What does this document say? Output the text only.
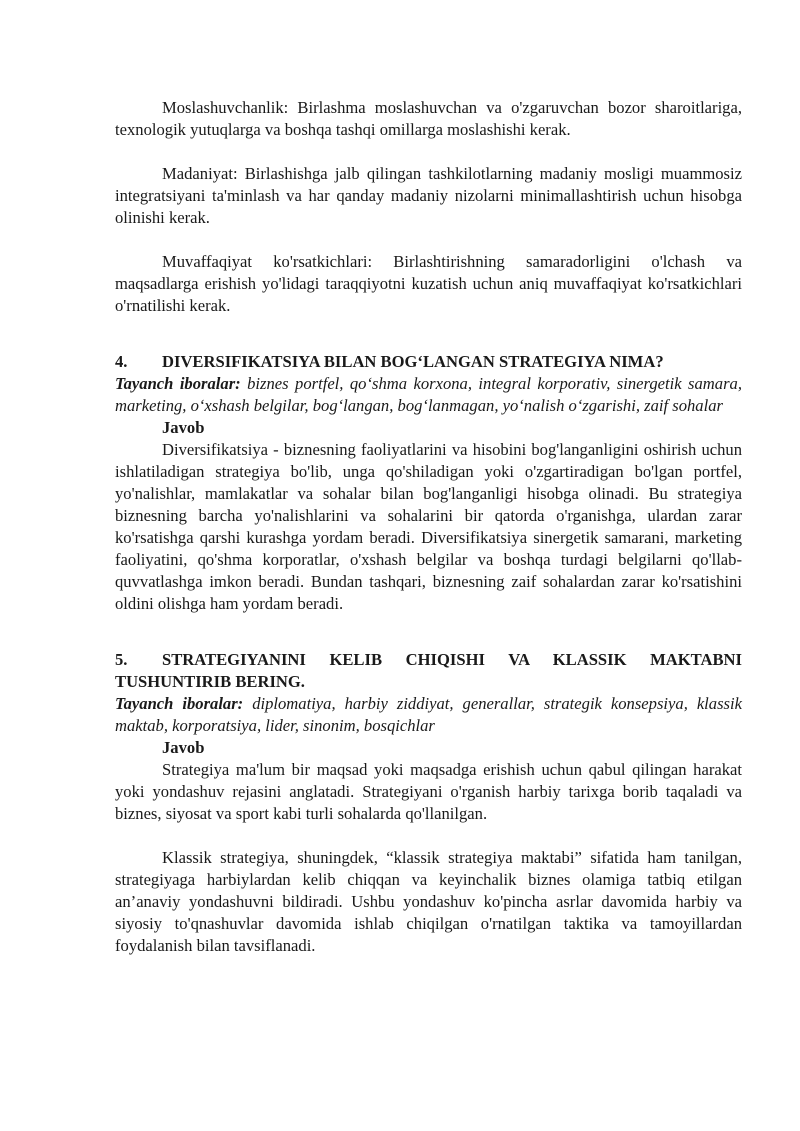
Moslashuvchanlik: Birlashma moslashuvchan va o'zgaruvchan bozor sharoitlariga, texnologik yutuqlarga va boshqa tashqi omillarga moslashishi kerak.

Madaniyat: Birlashishga jalb qilingan tashkilotlarning madaniy mosligi muammosiz integratsiyani ta'minlash va har qanday madaniy nizolarni minimallashtirish uchun hisobga olinishi kerak.

Muvaffaqiyat ko'rsatkichlari: Birlashtirishning samaradorligini o'lchash va maqsadlarga erishish yo'lidagi taraqqiyotni kuzatish uchun aniq muvaffaqiyat ko'rsatkichlari o'rnatilishi kerak.

4.	DIVERSIFIKATSIYA BILAN BOG‘LANGAN STRATEGIYA NIMA?

Tayanch iboralar: biznes portfel, qo‘shma korxona, integral korporativ, sinergetik samara, marketing, o‘xshash belgilar, bog‘langan, bog‘lanmagan, yo‘nalish o‘zgarishi, zaif sohalar

Javob

Diversifikatsiya - biznesning faoliyatlarini va hisobini bog'langanligini oshirish uchun ishlatiladigan strategiya bo'lib, unga qo'shiladigan yoki o'zgartiradigan bo'lgan portfel, yo'nalishlar, mamlakatlar va sohalar bilan bog'langanligi hisobga olinadi. Bu strategiya biznesning barcha yo'nalishlarini va sohalarini bir qatorda o'rganishga, ulardan zarar ko'rsatishga qarshi kurashga yordam beradi. Diversifikatsiya sinergetik samarani, marketing faoliyatini, qo'shma korporatlar, o'xshash belgilar va boshqa turdagi belgilarni qo'llab-quvvatlashga imkon beradi. Bundan tashqari, biznesning zaif sohalardan zarar ko'rsatishini oldini olishga ham yordam beradi.

5. STRATEGIYANINI KELIB CHIQISHI VA KLASSIK MAKTABNI TUSHUNTIRIB BERING.

Tayanch iboralar: diplomatiya, harbiy ziddiyat, generallar, strategik konsepsiya, klassik maktab, korporatsiya, lider, sinonim, bosqichlar

Javob

Strategiya ma'lum bir maqsad yoki maqsadga erishish uchun qabul qilingan harakat yoki yondashuv rejasini anglatadi. Strategiyani o'rganish harbiy tarixga borib taqaladi va biznes, siyosat va sport kabi turli sohalarda qo'llanilgan.

Klassik strategiya, shuningdek, “klassik strategiya maktabi” sifatida ham tanilgan, strategiyaga harbiylardan kelib chiqqan va keyinchalik biznes olamiga tatbiq etilgan an’anaviy yondashuvni bildiradi. Ushbu yondashuv ko'pincha asrlar davomida harbiy va siyosiy to'qnashuvlar davomida ishlab chiqilgan o'rnatilgan taktika va tamoyillardan foydalanish bilan tavsiflanadi.
